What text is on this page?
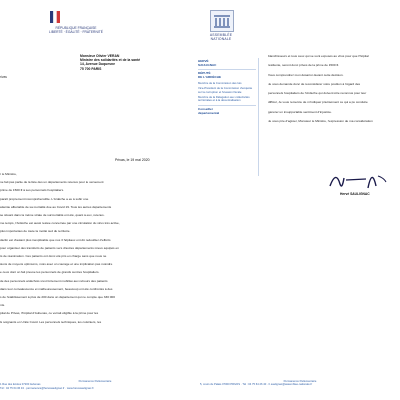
RÉPUBLIQUE FRANÇAISE
LIBERTÉ · ÉGALITÉ · FRATERNITÉ
ASSEMBLÉE
NATIONALE
Monsieur Olivier VERAN
Ministre des solidarités et de la santé
14, Avenue Duquesne
75 700 PARIS
rivas
HERVÉ
SAULIGNAC
DÉPUTÉ
DE L'ARDÈCHE
Membre de la Commission des lois
Vice-Président de la Commission d'enquête sur la corruption et l'évasion fiscale
Membre de la Délégation aux collectivités territoriales et à la décentralisation
Conseiller
départemental
Privas, le 19 mai 2020

r le Ministre,

ne fait pas partie de la liste des un départements retenus pour le versement

prime de 1500 € à ses personnels hospitaliers.

paraît proprement incompréhensible. L'Ardèche a eu à subir une

atteinte affectable de sa mortalité due au Covid 19. Tous les autres départements

se situant dans la même strate de surmortalité ont été, quant à eux, retenus.

me temps, l'Ardèche est aussi restée concernée par une circulation du virus très active,

plus importantes de toute la moitié sud du territoire.

déclin est d'autant plus inexplicable que nos 3 hôpitaux ont dû redoubler d'efforts

pour organiser des transferts de patients vers d'autres départements mieux équipés en

ts de réanimation. Ces patients ont donc été pris en charge sans que nous ne

sions de moyens optimums, mois avec un courage et une implication pas moindre

e ceux dont on fait preuve les personnels de grands centres hospitaliers.

de des personnels ardéchois s'est fortement mobilisé aux rebours des patients

dans leur convalescence et malheureusement, beaucoup ont été confrontés à des

s de l'établissement à plus de 200 dans un département qui ne compte que 330 000

nts.

pital de Privas, l'hôpital d'Aubenas, ce verrait éligible à la prime pour les

ls soignants en Unité Covid. Les personnels techniques, les cuisiniers, les

blanchisseurs et tous ceux qui se sont exposés au virus pour que l'hôpital

résiliente, seront donc privés de la prime de 1500 €.

Vous comprendrez mon désarroi devant cette décision.

Je vous demande donc de reconsidérer votre position à l'égard des

personnels hospitaliers de l'Ardèche qui doivent être reconnus pour leur

difficul, Je vous remercie de m'indiquer précisément ce qui a pu conduire

générer un insupportable sentiment d'injustice.

Je vous prie d'agréer, Monsieur le Ministre, l'expression de ma considération

Hervé SAULIGNAC
Permanence Parlementaire
1 Rue des Ecoles 07200 Aubenas
Tél : 04 75 64 36 43 · permanence@hervesaulignac.fr · www.hervesaulignac.fr
Permanence Parlementaire
5, cours du Palais 07000 PRIVAS · Tél : 04 75 64 26 40 · h.saulignac@assemblee-nationale.fr
